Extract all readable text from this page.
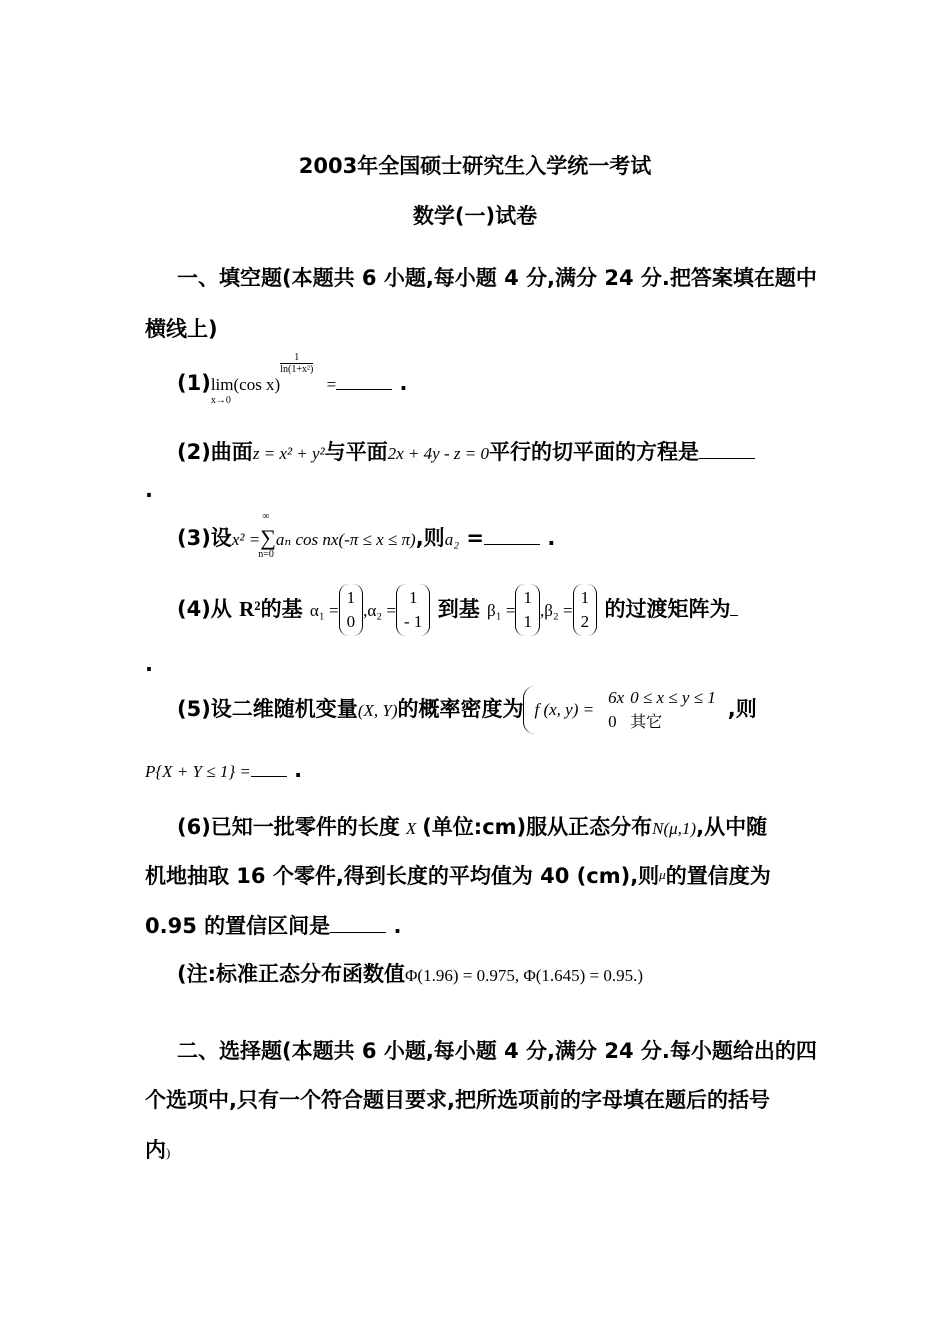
2003年全国硕士研究生入学统一考试
数学(一)试卷
一、填空题(本题共 6 小题,每小题 4 分,满分 24 分.把答案填在题中
横线上)
(1)lim
x→0
(cos x)
$\frac{1}{\text{ln(1+x²)}}$
=	.
(2)曲面z = x² + y²与平面2x + 4y - z = 0平行的切平面的方程是
.
(3)设x² =∑
∞
n=0
aₙ cos nx(-π ≤ x ≤ π),则a₂ =	.
(4)从 R²的基 α₁ =
1
0
,α₂ =
1
- 1
到基 β₁ =
1
1
,β₂ =
1
2
的过渡矩阵为
.
(5)设二维随机变量(X, Y)的概率密度为 f (x, y) =	6x	0 ≤ x ≤ y ≤ 1
	0	其它
,则
P{X + Y ≤ 1} = .
(6)已知一批零件的长度 X (单位:cm)服从正态分布N(μ,1),从中随
机地抽取 16 个零件,得到长度的平均值为 40 (cm),则μ的置信度为
0.95 的置信区间是	.
(注:标准正态分布函数值Φ(1.96) = 0.975, Φ(1.645) = 0.95.)
二、选择题(本题共 6 小题,每小题 4 分,满分 24 分.每小题给出的四
个选项中,只有一个符合题目要求,把所选项前的字母填在题后的括号
内)
